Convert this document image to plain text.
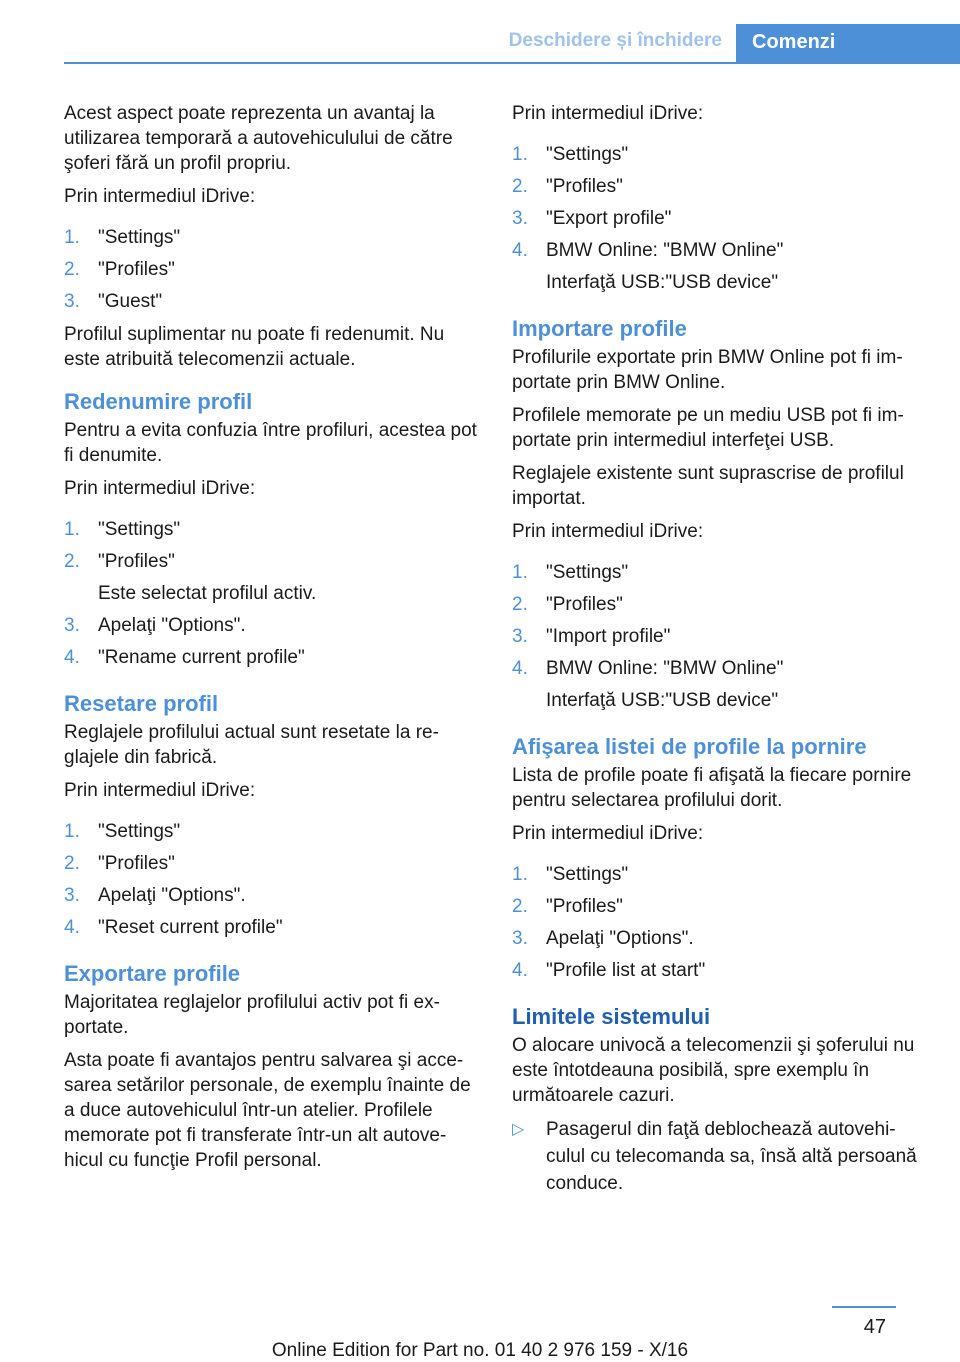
Deschidere și închidere	Comenzi

Acest aspect poate reprezenta un avantaj la utilizarea temporară a autovehiculului de către şoferi fără un profil propriu.

Prin intermediul iDrive:

1. "Settings"
2. "Profiles"
3. "Guest"

Profilul suplimentar nu poate fi redenumit. Nu este atribuită telecomenzii actuale.

Redenumire profil

Pentru a evita confuzia între profiluri, acestea pot fi denumite.

Prin intermediul iDrive:

1. "Settings"
2. "Profiles"
Este selectat profilul activ.
3. Apelaţi "Options".
4. "Rename current profile"
Resetare profil

Reglajele profilului actual sunt resetate la re-glajele din fabrică.

Prin intermediul iDrive:

1. "Settings"
2. "Profiles"
3. Apelaţi "Options".
4. "Reset current profile"
Exportare profile

Majoritatea reglajelor profilului activ pot fi ex-portate.

Asta poate fi avantajos pentru salvarea şi acce-sarea setărilor personale, de exemplu înainte de a duce autovehiculul într-un atelier. Profilele memorate pot fi transferate într-un alt autove-hicul cu funcţie Profil personal.

Prin intermediul iDrive:

1. "Settings"
2. "Profiles"
3. "Export profile"
4. BMW Online: "BMW Online"
Interfaţă USB:"USB device"
Importare profile

Profilurile exportate prin BMW Online pot fi im-portate prin BMW Online.

Profilele memorate pe un mediu USB pot fi im-portate prin intermediul interfeţei USB.

Reglajele existente sunt suprascrise de profilul importat.

Prin intermediul iDrive:

1. "Settings"
2. "Profiles"
3. "Import profile"
4. BMW Online: "BMW Online"
Interfaţă USB:"USB device"
Afişarea listei de profile la pornire

Lista de profile poate fi afişată la fiecare pornire pentru selectarea profilului dorit.

Prin intermediul iDrive:

1. "Settings"
2. "Profiles"
3. Apelaţi "Options".
4. "Profile list at start"
Limitele sistemului

O alocare univocă a telecomenzii şi şoferului nu este întotdeauna posibilă, spre exemplu în următoarele cazuri.

▷ Pasagerul din faţă deblochează autovehi-culul cu telecomanda sa, însă altă persoană conduce.
47
Online Edition for Part no. 01 40 2 976 159 - X/16
